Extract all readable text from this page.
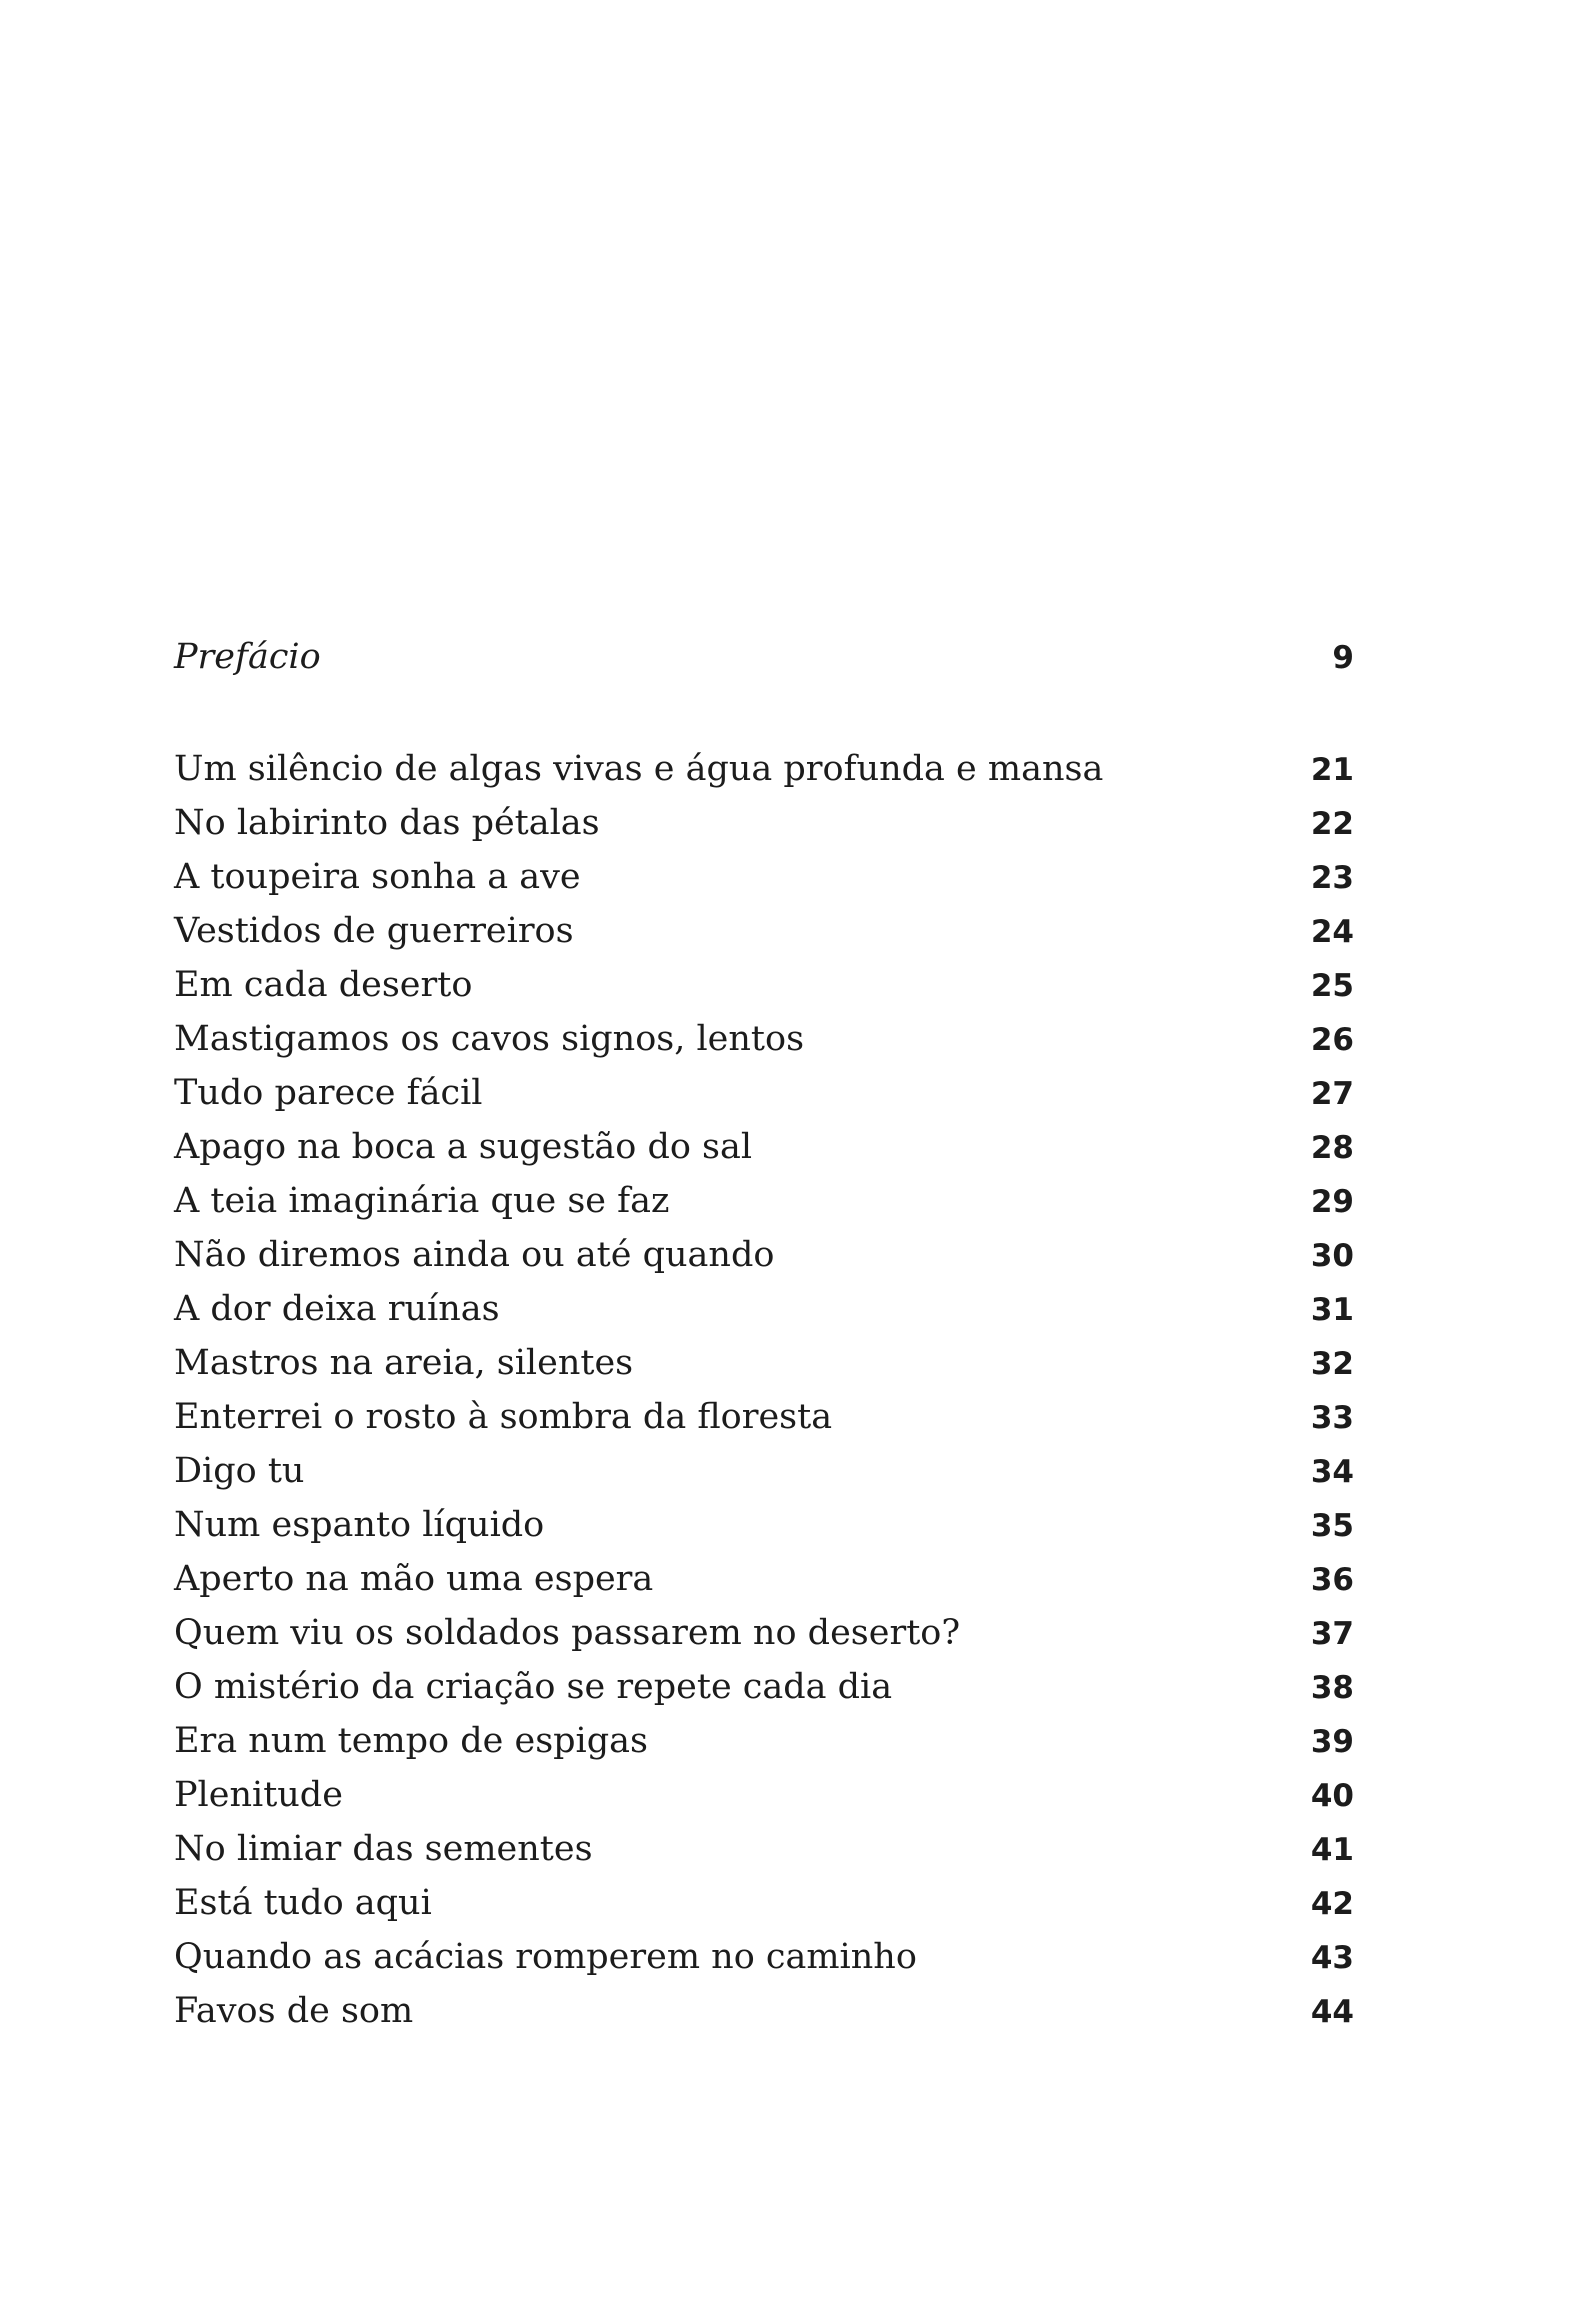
Prefácio	9
Um silêncio de algas vivas e água profunda e mansa	21
No labirinto das pétalas	22
A toupeira sonha a ave	23
Vestidos de guerreiros	24
Em cada deserto	25
Mastigamos os cavos signos, lentos	26
Tudo parece fácil	27
Apago na boca a sugestão do sal	28
A teia imaginária que se faz	29
Não diremos ainda ou até quando	30
A dor deixa ruínas	31
Mastros na areia, silentes	32
Enterrei o rosto à sombra da floresta	33
Digo tu	34
Num espanto líquido	35
Aperto na mão uma espera	36
Quem viu os soldados passarem no deserto?	37
O mistério da criação se repete cada dia	38
Era num tempo de espigas	39
Plenitude	40
No limiar das sementes	41
Está tudo aqui	42
Quando as acácias romperem no caminho	43
Favos de som	44
